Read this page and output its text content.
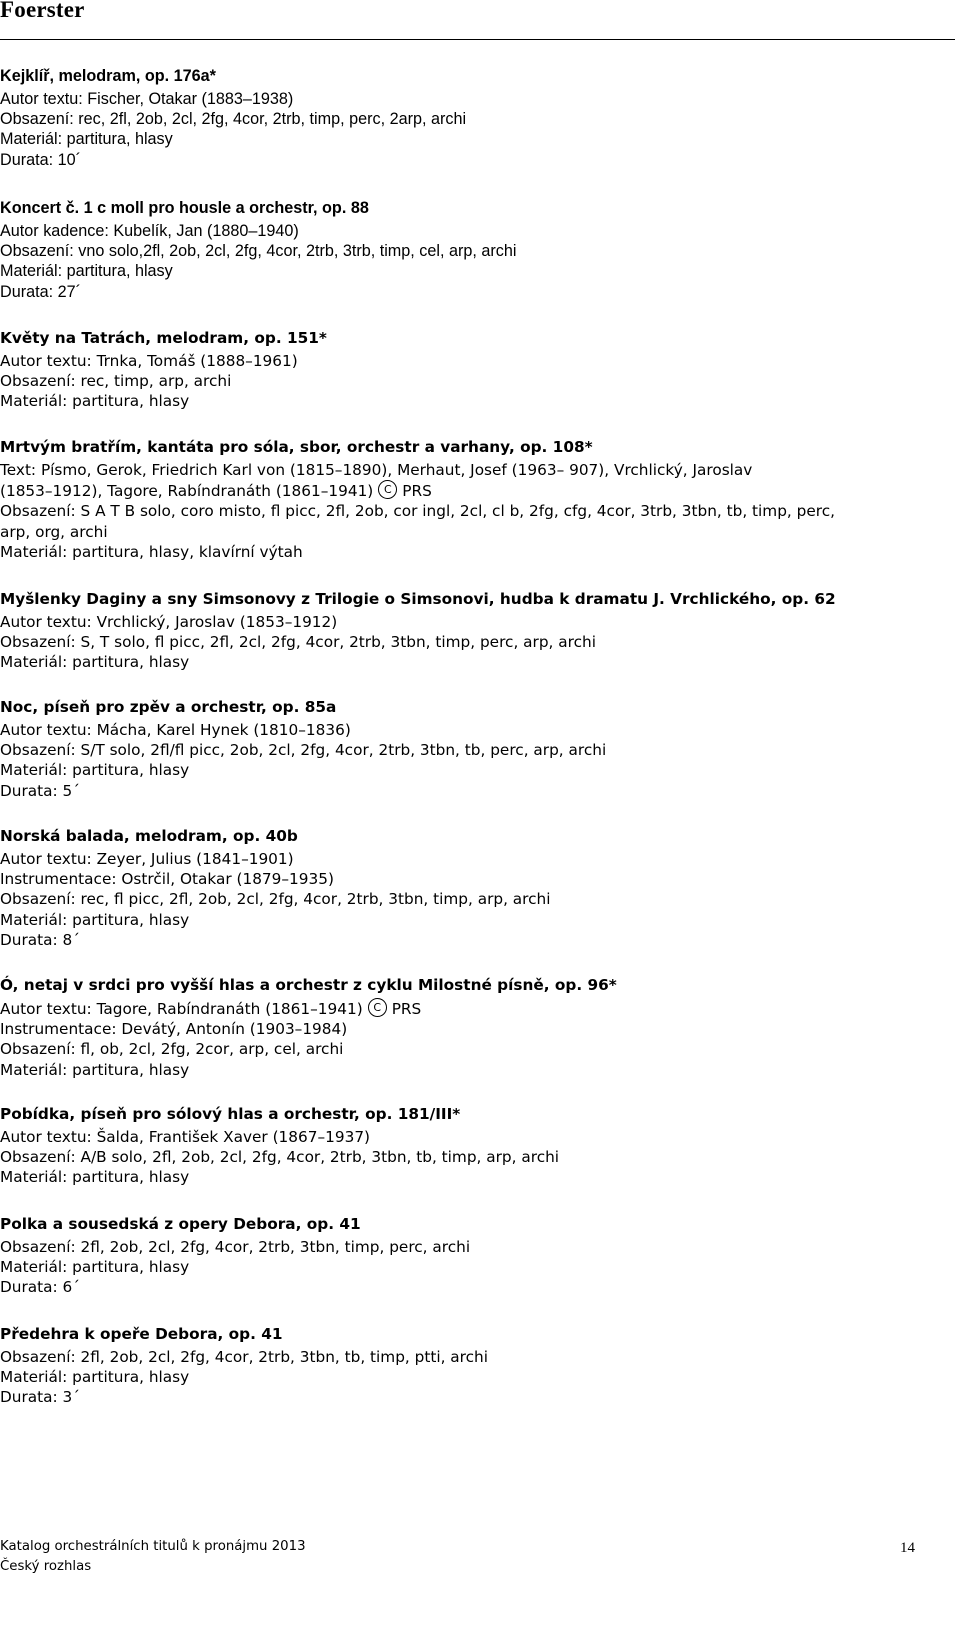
Foerster
Kejklíř, melodram, op. 176a*
Autor textu: Fischer, Otakar (1883–1938)
Obsazení: rec, 2fl, 2ob, 2cl, 2fg, 4cor, 2trb, timp, perc, 2arp, archi
Materiál: partitura, hlasy
Durata: 10´
Koncert č. 1 c moll pro housle a orchestr, op. 88
Autor kadence: Kubelík, Jan (1880–1940)
Obsazení: vno solo,2fl, 2ob, 2cl, 2fg, 4cor, 2trb, 3trb, timp, cel, arp, archi
Materiál: partitura, hlasy
Durata: 27´
Květy na Tatrách, melodram, op. 151*
Autor textu: Trnka, Tomáš (1888–1961)
Obsazení: rec, timp, arp, archi
Materiál: partitura, hlasy
Mrtvým bratřím, kantáta pro sóla, sbor, orchestr a varhany, op. 108*
Text: Písmo, Gerok, Friedrich Karl von (1815–1890), Merhaut, Josef (1963– 907), Vrchlický, Jaroslav
(1853–1912), Tagore, Rabíndranáth (1861–1941) C PRS
Obsazení: S A T B solo, coro misto, fl picc, 2fl, 2ob, cor ingl, 2cl, cl b, 2fg, cfg, 4cor, 3trb, 3tbn, tb, timp, perc,
arp, org, archi
Materiál: partitura, hlasy, klavírní výtah
Myšlenky Daginy a sny Simsonovy z Trilogie o Simsonovi, hudba k dramatu J. Vrchlického, op. 62
Autor textu: Vrchlický, Jaroslav (1853–1912)
Obsazení: S, T solo, fl picc, 2fl, 2cl, 2fg, 4cor, 2trb, 3tbn, timp, perc, arp, archi
Materiál: partitura, hlasy
Noc, píseň pro zpěv a orchestr, op. 85a
Autor textu: Mácha, Karel Hynek (1810–1836)
Obsazení: S/T solo, 2fl/fl picc, 2ob, 2cl, 2fg, 4cor, 2trb, 3tbn, tb, perc, arp, archi
Materiál: partitura, hlasy
Durata: 5´
Norská balada, melodram, op. 40b
Autor textu: Zeyer, Julius (1841–1901)
Instrumentace: Ostrčil, Otakar (1879–1935)
Obsazení: rec, fl picc, 2fl, 2ob, 2cl, 2fg, 4cor, 2trb, 3tbn, timp, arp, archi
Materiál: partitura, hlasy
Durata: 8´
Ó, netaj v srdci pro vyšší hlas a orchestr z cyklu Milostné písně, op. 96*
Autor textu: Tagore, Rabíndranáth (1861–1941) C PRS
Instrumentace: Devátý, Antonín (1903–1984)
Obsazení: fl, ob, 2cl, 2fg, 2cor, arp, cel, archi
Materiál: partitura, hlasy
Pobídka, píseň pro sólový hlas a orchestr, op. 181/III*
Autor textu: Šalda, František Xaver (1867–1937)
Obsazení: A/B solo, 2fl, 2ob, 2cl, 2fg, 4cor, 2trb, 3tbn, tb, timp, arp, archi
Materiál: partitura, hlasy
Polka a sousedská z opery Debora, op. 41
Obsazení: 2fl, 2ob, 2cl, 2fg, 4cor, 2trb, 3tbn, timp, perc, archi
Materiál: partitura, hlasy
Durata: 6´
Předehra k opeře Debora, op. 41
Obsazení: 2fl, 2ob, 2cl, 2fg, 4cor, 2trb, 3tbn, tb, timp, ptti, archi
Materiál: partitura, hlasy
Durata: 3´
Katalog orchestrálních titulů k pronájmu 2013
Český rozhlas
14
